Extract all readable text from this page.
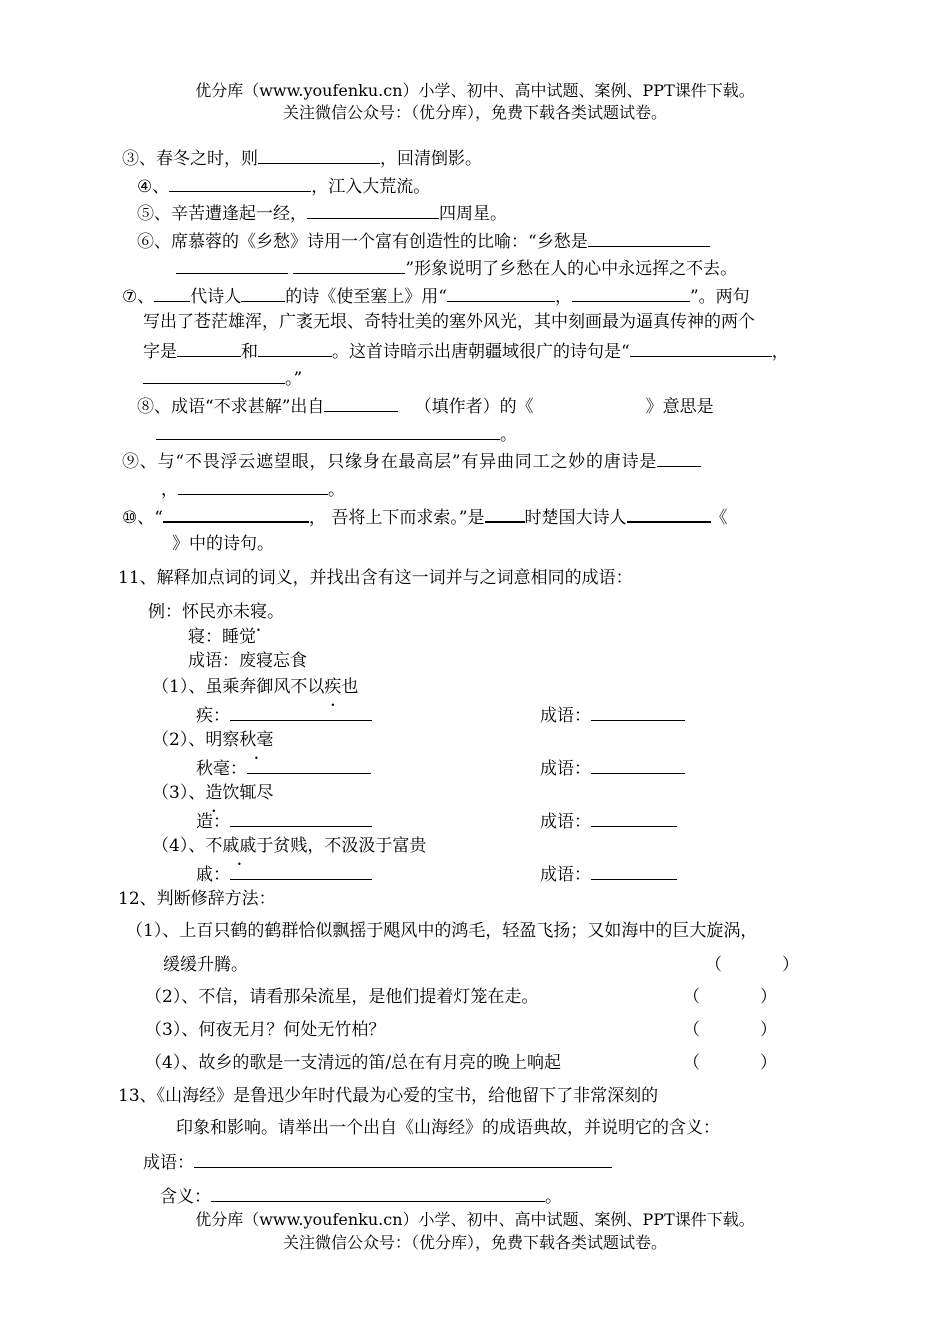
优分库（www.youfenku.cn）小学、初中、高中试题、案例、PPT课件下载。
关注微信公众号：（优分库），免费下载各类试题试卷。
③、春冬之时，则	，回清倒影。
④、	，江入大荒流。
⑤、辛苦遭逢起一经，	四周星。
⑥、席慕蓉的《乡愁》诗用一个富有创造性的比喻：“乡愁是
”形象说明了乡愁在人的心中永远挥之不去。
⑦、 代诗人	的诗《使至塞上》用“	，	”。两句
写出了苍茫雄浑，广袤无垠、奇特壮美的塞外风光，其中刻画最为逼真传神的两个
字是	和	。这首诗暗示出唐朝疆域很广的诗句是“	，
。”
⑧、成语“不求甚解”出自	（填作者）的《	》意思是
。
⑨、与“不畏浮云遮望眼，只缘身在最高层”有异曲同工之妙的唐诗是
，	。
⑩、“	， 吾将上下而求索。”是 时楚国大诗人	《
》中的诗句。
11、解释加点词的词义，并找出含有这一词并与之词意相同的成语：
例：怀民亦未寝。
寝：睡觉
成语：废寝忘食
（1）、虽乘奔御风不以疾也
疾：	成语：
（2）、明察秋毫
秋毫：	成语：
（3）、造饮辄尽
造：	成语：
（4）、不戚戚于贫贱，不汲汲于富贵
戚：	成语：
12、判断修辞方法：
（1）、上百只鹤的鹤群恰似飘摇于飓风中的鸿毛，轻盈飞扬；又如海中的巨大旋涡，
缓缓升腾。	（	）
（2）、不信，请看那朵流星，是他们提着灯笼在走。	（	）
（3）、何夜无月？何处无竹柏？	（	）
（4）、故乡的歌是一支清远的笛/总在有月亮的晚上响起	（	）
13、《山海经》是鲁迅少年时代最为心爱的宝书，给他留下了非常深刻的
印象和影响。请举出一个出自《山海经》的成语典故，并说明它的含义：
成语：
含义：	。
优分库（www.youfenku.cn）小学、初中、高中试题、案例、PPT课件下载。
关注微信公众号：（优分库），免费下载各类试题试卷。
